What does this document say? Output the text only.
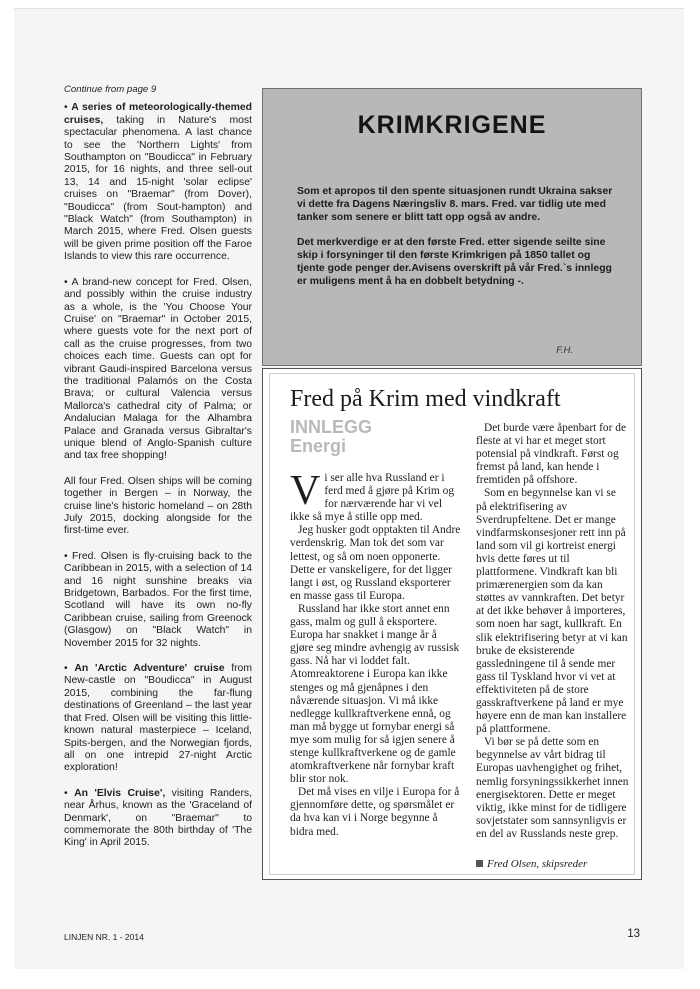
Continue from page 9

• A series of meteorologically-themed cruises, taking in Nature's most spectacular phenomena. A last chance to see the 'Northern Lights' from Southampton on "Boudicca" in February 2015, for 16 nights, and three sell-out 13, 14 and 15-night 'solar eclipse' cruises on "Braemar" (from Dover), "Boudicca" (from Sout-hampton) and "Black Watch" (from Southampton) in March 2015, where Fred. Olsen guests will be given prime position off the Faroe Islands to view this rare occurrence.

• A brand-new concept for Fred. Olsen, and possibly within the cruise industry as a whole, is the 'You Choose Your Cruise' on "Braemar" in October 2015, where guests vote for the next port of call as the cruise progresses, from two choices each time. Guests can opt for vibrant Gaudi-inspired Barcelona versus the traditional Palamós on the Costa Brava; or cultural Valencia versus Mallorca's cathedral city of Palma; or Andalucian Malaga for the Alhambra Palace and Granada versus Gibraltar's unique blend of Anglo-Spanish culture and tax free shopping!

All four Fred. Olsen ships will be coming together in Bergen – in Norway, the cruise line's historic homeland – on 28th July 2015, docking alongside for the first-time ever.

• Fred. Olsen is fly-cruising back to the Caribbean in 2015, with a selection of 14 and 16 night sunshine breaks via Bridgetown, Barbados. For the first time, Scotland will have its own no-fly Caribbean cruise, sailing from Greenock (Glasgow) on "Black Watch" in November 2015 for 32 nights.

• An 'Arctic Adventure' cruise from New-castle on "Boudicca" in August 2015, combining the far-flung destinations of Greenland – the last year that Fred. Olsen will be visiting this little-known natural masterpiece – Iceland, Spits-bergen, and the Norwegian fjords, all on one intrepid 27-night Arctic exploration!

• An 'Elvis Cruise', visiting Randers, near Århus, known as the 'Graceland of Denmark', on "Braemar" to commemorate the 80th birthday of 'The King' in April 2015.

KRIMKRIGENE

Som et apropos til den spente situasjonen rundt Ukraina sakser vi dette fra Dagens Næringsliv 8. mars. Fred. var tidlig ute med tanker som senere er blitt tatt opp også av andre.

Det merkverdige er at den første Fred. etter sigende seilte sine skip i forsyninger til den første Krimkrigen på 1850 tallet og tjente gode penger der.Avisens overskrift på vår Fred.`s innlegg er muligens ment å ha en dobbelt betydning -.

F.H.
Fred på Krim med vindkraft
INNLEGG
Energi

Vi ser alle hva Russland er i ferd med å gjøre på Krim og for nærværende har vi vel ikke så mye å stille opp med.

Jeg husker godt opptakten til Andre verdenskrig. Man tok det som var lettest, og så om noen opponerte. Dette er vanskeligere, for det ligger langt i øst, og Russland eksporterer en masse gass til Europa.

Russland har ikke stort annet enn gass, malm og gull å eksportere. Europa har snakket i mange år å gjøre seg mindre avhengig av russisk gass. Nå har vi loddet falt. Atomreaktorene i Europa kan ikke stenges og må gjenåpnes i den nåværende situasjon. Vi må ikke nedlegge kullkraftverkene ennå, og man må bygge ut fornybar energi så mye som mulig for så igjen senere å stenge kullkraftverkene og de gamle atomkraftverkene når fornybar kraft blir stor nok.

Det må vises en vilje i Europa for å gjennomføre dette, og spørsmålet er da hva kan vi i Norge begynne å bidra med.

Det burde være åpenbart for de fleste at vi har et meget stort potensial på vindkraft. Først og fremst på land, kan hende i fremtiden på offshore.

Som en begynnelse kan vi se på elektrifisering av Sverdrupfeltene. Det er mange vindfarmskonsesjoner rett inn på land som vil gi kortreist energi hvis dette føres ut til plattformene. Vindkraft kan bli primærenergien som da kan støttes av vannkraften. Det betyr at det ikke behøver å importeres, som noen har sagt, kullkraft. En slik elektrifisering betyr at vi kan bruke de eksisterende gassledningene til å sende mer gass til Tyskland hvor vi vet at effektiviteten på de store gasskraftverkene på land er mye høyere enn de man kan installere på plattformene.

Vi bør se på dette som en begynnelse av vårt bidrag til Europas uavhengighet og frihet, nemlig forsyningssikkerhet innen energisektoren. Dette er meget viktig, ikke minst for de tidligere sovjetstater som sannsynligvis er en del av Russlands neste grep.

Fred Olsen, skipsreder
LINJEN NR. 1 - 2014	13
